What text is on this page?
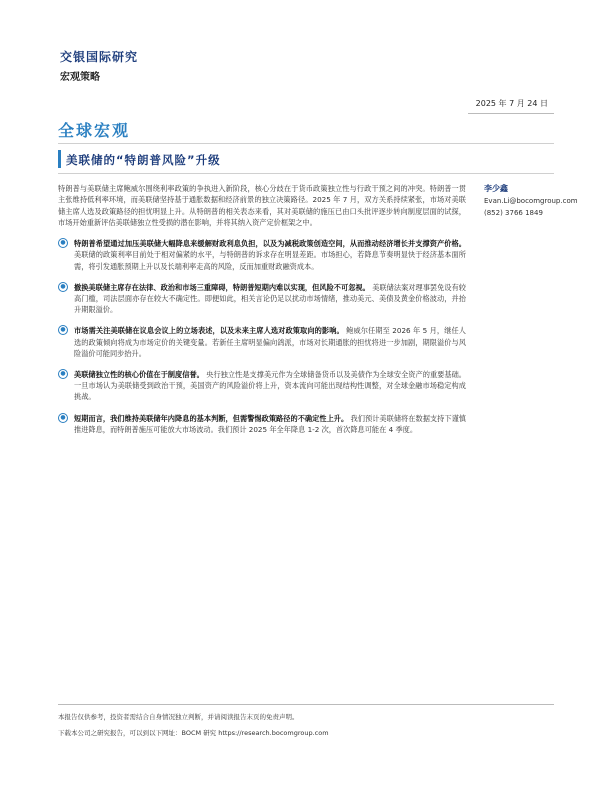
交银国际研究
宏观策略
2025 年 7 月 24 日
全球宏观
美联储的“特朗普风险”升级

特朗普与美联储主席鲍威尔围绕利率政策的争执进入新阶段，核心分歧在于货币政策独立性与行政干预之间的冲突。特朗普一贯主张维持低利率环境，而美联储坚持基于通胀数据和经济前景的独立决策路径。2025 年 7 月，双方关系持续紧张，市场对美联储主席人选及政策路径的担忧明显上升。从特朗普的相关表态来看，其对美联储的施压已由口头批评逐步转向制度层面的试探，市场开始重新评估美联储独立性受损的潜在影响，并将其纳入资产定价框架之中。

●	特朗普希望通过加压美联储大幅降息来缓解财政利息负担，以及为减税政策创造空间，从而推动经济增长并支撑资产价格。 美联储的政策利率目前处于相对偏紧的水平，与特朗普的诉求存在明显差距。市场担心，若降息节奏明显快于经济基本面所需，将引发通胀预期上升以及长端利率走高的风险，反而加重财政融资成本。
●	撤换美联储主席存在法律、政治和市场三重障碍，特朗普短期内难以实现，但风险不可忽视。 美联储法案对理事罢免设有较高门槛，司法层面亦存在较大不确定性。即便如此，相关言论仍足以扰动市场情绪，推动美元、美债及黄金价格波动，并抬升期限溢价。
●	市场需关注美联储在议息会议上的立场表述，以及未来主席人选对政策取向的影响。 鲍威尔任期至 2026 年 5 月，继任人选的政策倾向将成为市场定价的关键变量。若新任主席明显偏向鸽派，市场对长期通胀的担忧将进一步加剧，期限溢价与风险溢价可能同步抬升。
●	美联储独立性的核心价值在于制度信誉。 央行独立性是支撑美元作为全球储备货币以及美债作为全球安全资产的重要基础。一旦市场认为美联储受到政治干预，美国资产的风险溢价将上升，资本流向可能出现结构性调整，对全球金融市场稳定构成挑战。
●	短期而言，我们维持美联储年内降息的基本判断，但需警惕政策路径的不确定性上升。 我们预计美联储将在数据支持下谨慎推进降息，而特朗普施压可能放大市场波动。我们预计 2025 年全年降息 1-2 次，首次降息可能在 4 季度。
李少鑫
Evan.Li@bocomgroup.com
(852) 3766 1849
本报告仅供参考，投资者需结合自身情况独立判断，并请阅读报告末页的免责声明。
下载本公司之研究报告，可以到以下网址：BOCM 研究 https://research.bocomgroup.com
